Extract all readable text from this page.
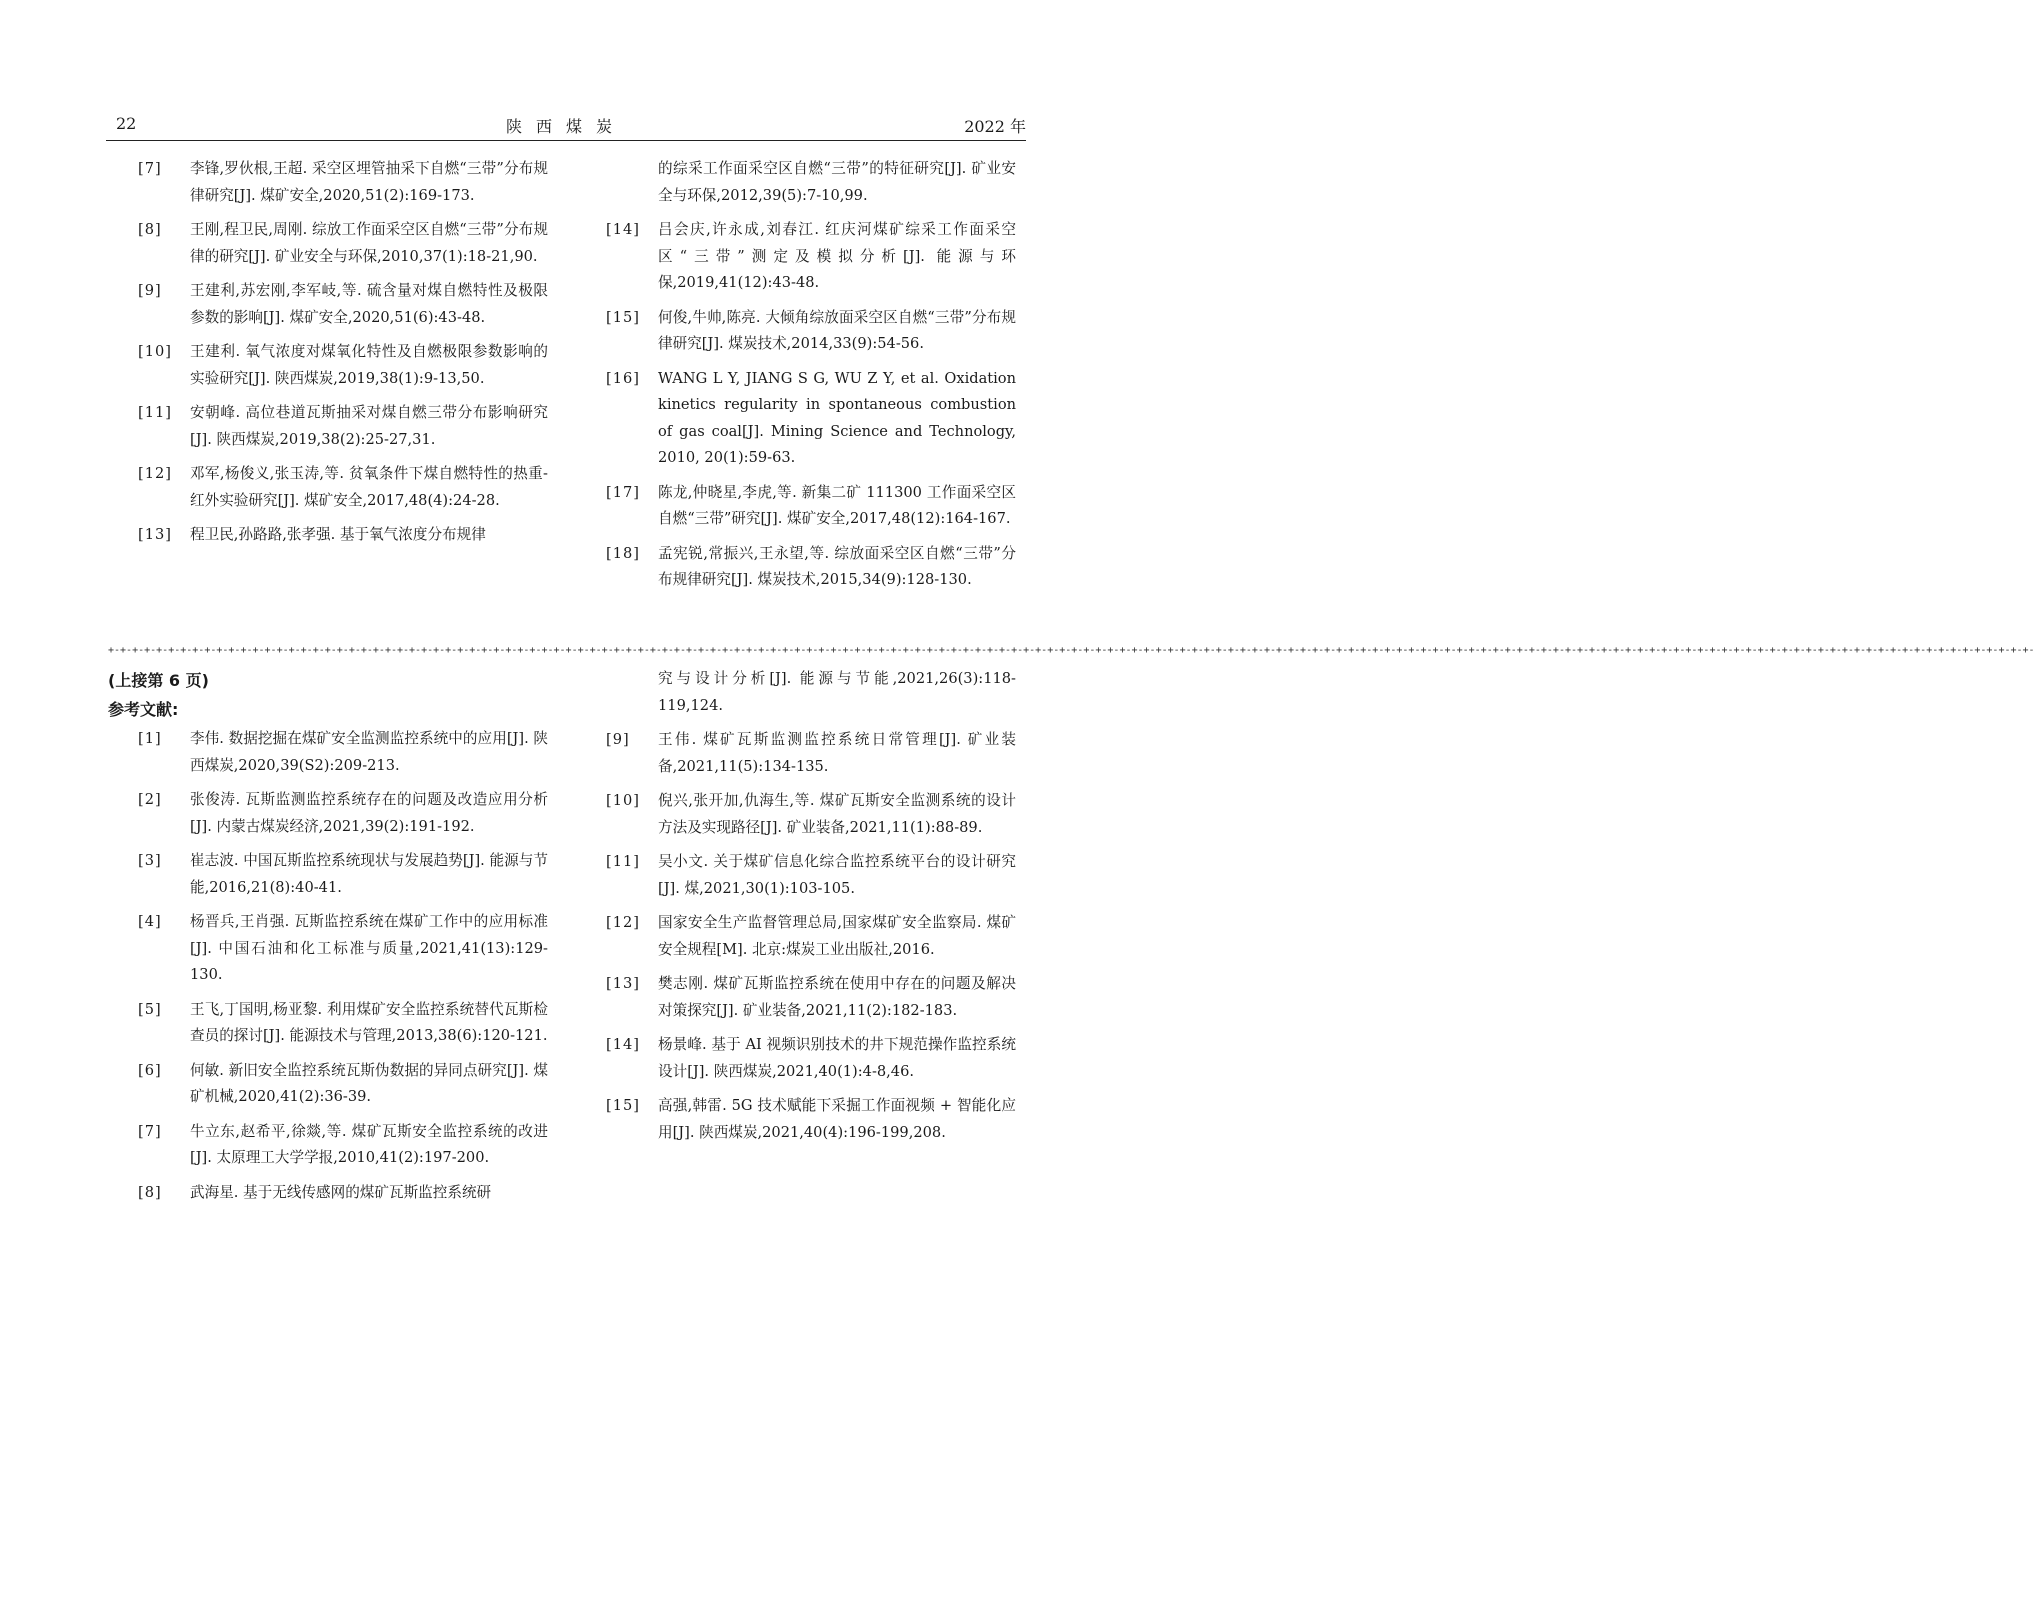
22	陕西煤炭	2022 年
[7]	李锋,罗伙根,王超. 采空区埋管抽采下自燃“三带”分布规律研究[J]. 煤矿安全,2020,51(2):169-173.
[8]	王刚,程卫民,周刚. 综放工作面采空区自燃“三带”分布规律的研究[J]. 矿业安全与环保,2010,37(1):18-21,90.
[9]	王建利,苏宏刚,李军岐,等. 硫含量对煤自燃特性及极限参数的影响[J]. 煤矿安全,2020,51(6):43-48.
[10]	王建利. 氧气浓度对煤氧化特性及自燃极限参数影响的实验研究[J]. 陕西煤炭,2019,38(1):9-13,50.
[11]	安朝峰. 高位巷道瓦斯抽采对煤自燃三带分布影响研究[J]. 陕西煤炭,2019,38(2):25-27,31.
[12]	邓军,杨俊义,张玉涛,等. 贫氧条件下煤自燃特性的热重-红外实验研究[J]. 煤矿安全,2017,48(4):24-28.
[13]	程卫民,孙路路,张孝强. 基于氧气浓度分布规律
的综采工作面采空区自燃“三带”的特征研究[J]. 矿业安全与环保,2012,39(5):7-10,99.
[14]	吕会庆,许永成,刘春江. 红庆河煤矿综采工作面采空区“三带”测定及模拟分析[J]. 能源与环保,2019,41(12):43-48.
[15]	何俊,牛帅,陈亮. 大倾角综放面采空区自燃“三带”分布规律研究[J]. 煤炭技术,2014,33(9):54-56.
[16]	WANG L Y, JIANG S G, WU Z Y, et al. Oxidation kinetics regularity in spontaneous combustion of gas coal[J]. Mining Science and Technology, 2010, 20(1):59-63.
[17]	陈龙,仲晓星,李虎,等. 新集二矿 111300 工作面采空区自燃“三带”研究[J]. 煤矿安全,2017,48(12):164-167.
[18]	孟宪锐,常振兴,王永望,等. 综放面采空区自燃“三带”分布规律研究[J]. 煤炭技术,2015,34(9):128-130.
+-+-+-+-+-+-+-+-+-+-+-+-+-+-+-+-+-+-+-+-+-+-+-+-+-+-+-+-+-+-+-+-+-+-+-+-+-+-+-+-+-+-+-+-+-+-+-+-+-+-+-+-+-+-+-+-+-+-+-+-+-+-+-+-+-+-+-+-+-+-+-+-+-+-+-+-+-+-+-+-+-+-+-+-+-+-+-+-+-+-+-+-+-+-+-+-+-+-+-+-+-+-+-+-+-+-+-+-+-+-+-+-+-+-+-+-+-+-+-+-+-+-+-+-+-+-+-+-+-+-+-+-+-+-+-+-+-+-+-+-+-+-+-+-+-+-+-+-+-+-+-+-+-+-+-+-+-+-+-+-
(上接第 6 页)
参考文献:
[1]	李伟. 数据挖掘在煤矿安全监测监控系统中的应用[J]. 陕西煤炭,2020,39(S2):209-213.
[2]	张俊涛. 瓦斯监测监控系统存在的问题及改造应用分析[J]. 内蒙古煤炭经济,2021,39(2):191-192.
[3]	崔志波. 中国瓦斯监控系统现状与发展趋势[J]. 能源与节能,2016,21(8):40-41.
[4]	杨晋兵,王肖强. 瓦斯监控系统在煤矿工作中的应用标准[J]. 中国石油和化工标准与质量,2021,41(13):129-130.
[5]	王飞,丁国明,杨亚黎. 利用煤矿安全监控系统替代瓦斯检查员的探讨[J]. 能源技术与管理,2013,38(6):120-121.
[6]	何敏. 新旧安全监控系统瓦斯伪数据的异同点研究[J]. 煤矿机械,2020,41(2):36-39.
[7]	牛立东,赵希平,徐燚,等. 煤矿瓦斯安全监控系统的改进[J]. 太原理工大学学报,2010,41(2):197-200.
[8]	武海星. 基于无线传感网的煤矿瓦斯监控系统研
究与设计分析[J]. 能源与节能,2021,26(3):118-119,124.
[9]	王伟. 煤矿瓦斯监测监控系统日常管理[J]. 矿业装备,2021,11(5):134-135.
[10]	倪兴,张开加,仇海生,等. 煤矿瓦斯安全监测系统的设计方法及实现路径[J]. 矿业装备,2021,11(1):88-89.
[11]	吴小文. 关于煤矿信息化综合监控系统平台的设计研究[J]. 煤,2021,30(1):103-105.
[12]	国家安全生产监督管理总局,国家煤矿安全监察局. 煤矿安全规程[M]. 北京:煤炭工业出版社,2016.
[13]	樊志刚. 煤矿瓦斯监控系统在使用中存在的问题及解决对策探究[J]. 矿业装备,2021,11(2):182-183.
[14]	杨景峰. 基于 AI 视频识别技术的井下规范操作监控系统设计[J]. 陕西煤炭,2021,40(1):4-8,46.
[15]	高强,韩雷. 5G 技术赋能下采掘工作面视频 + 智能化应用[J]. 陕西煤炭,2021,40(4):196-199,208.
